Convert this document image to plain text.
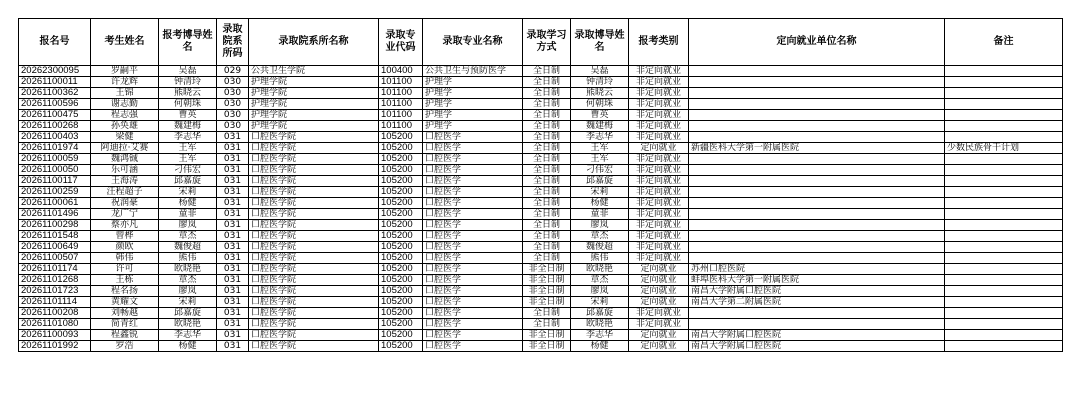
报名号	考生姓名	报考博导姓名	录取院系所码	录取院系所名称	录取专业代码	录取专业名称	录取学习方式	录取博导姓名	报考类别	定向就业单位名称	备注
20262300095	罗嗣平	吴磊	029	公共卫生学院	100400	公共卫生与预防医学	全日制	吴磊	非定向就业		
20261100011	许龙辉	钟清玲	030	护理学院	101100	护理学	全日制	钟清玲	非定向就业		
20261100362	王锦	熊晓云	030	护理学院	101100	护理学	全日制	熊晓云	非定向就业		
20261100596	谢志勤	何朝珠	030	护理学院	101100	护理学	全日制	何朝珠	非定向就业		
20261100475	程志强	曹英	030	护理学院	101100	护理学	全日制	曹英	非定向就业		
20261100268	孙奂雄	魏建梅	030	护理学院	101100	护理学	全日制	魏建梅	非定向就业		
20261100403	梁健	李志华	031	口腔医学院	105200	口腔医学	全日制	李志华	非定向就业		
20261101974	阿迪拉·艾赛	王军	031	口腔医学院	105200	口腔医学	全日制	王军	定向就业	新疆医科大学第一附属医院	少数民族骨干计划
20261100059	魏鸿铖	王军	031	口腔医学院	105200	口腔医学	全日制	王军	非定向就业		
20261100050	乐可涵	刁伟宏	031	口腔医学院	105200	口腔医学	全日制	刁伟宏	非定向就业		
20261100117	王海涛	邱嘉旋	031	口腔医学院	105200	口腔医学	全日制	邱嘉旋	非定向就业		
20261100259	汪程超子	宋莉	031	口腔医学院	105200	口腔医学	全日制	宋莉	非定向就业		
20261100061	祝润豪	杨健	031	口腔医学院	105200	口腔医学	全日制	杨健	非定向就业		
20261101496	龙广宁	童菲	031	口腔医学院	105200	口腔医学	全日制	童菲	非定向就业		
20261100298	蔡亦凡	廖岚	031	口腔医学院	105200	口腔医学	全日制	廖岚	非定向就业		
20261101548	曾桦	章杰	031	口腔医学院	105200	口腔医学	全日制	章杰	非定向就业		
20261100649	颜欧	魏俊超	031	口腔医学院	105200	口腔医学	全日制	魏俊超	非定向就业		
20261100507	韩伟	熊伟	031	口腔医学院	105200	口腔医学	全日制	熊伟	非定向就业		
20261101174	许可	欧晓艳	031	口腔医学院	105200	口腔医学	非全日制	欧晓艳	定向就业	苏州口腔医院	
20261101268	王栋	章杰	031	口腔医学院	105200	口腔医学	非全日制	章杰	定向就业	蚌埠医科大学第一附属医院	
20261101723	程名扬	廖岚	031	口腔医学院	105200	口腔医学	非全日制	廖岚	定向就业	南昌大学附属口腔医院	
20261101114	黄耀文	宋莉	031	口腔医学院	105200	口腔医学	非全日制	宋莉	定向就业	南昌大学第二附属医院	
20261100208	刘畅越	邱嘉旋	031	口腔医学院	105200	口腔医学	全日制	邱嘉旋	非定向就业		
20261101080	简青红	欧晓艳	031	口腔医学院	105200	口腔医学	全日制	欧晓艳	非定向就业		
20261100093	程鑫锐	李志华	031	口腔医学院	105200	口腔医学	非全日制	李志华	定向就业	南昌大学附属口腔医院	
20261101992	罗浩	杨健	031	口腔医学院	105200	口腔医学	非全日制	杨健	定向就业	南昌大学附属口腔医院	
